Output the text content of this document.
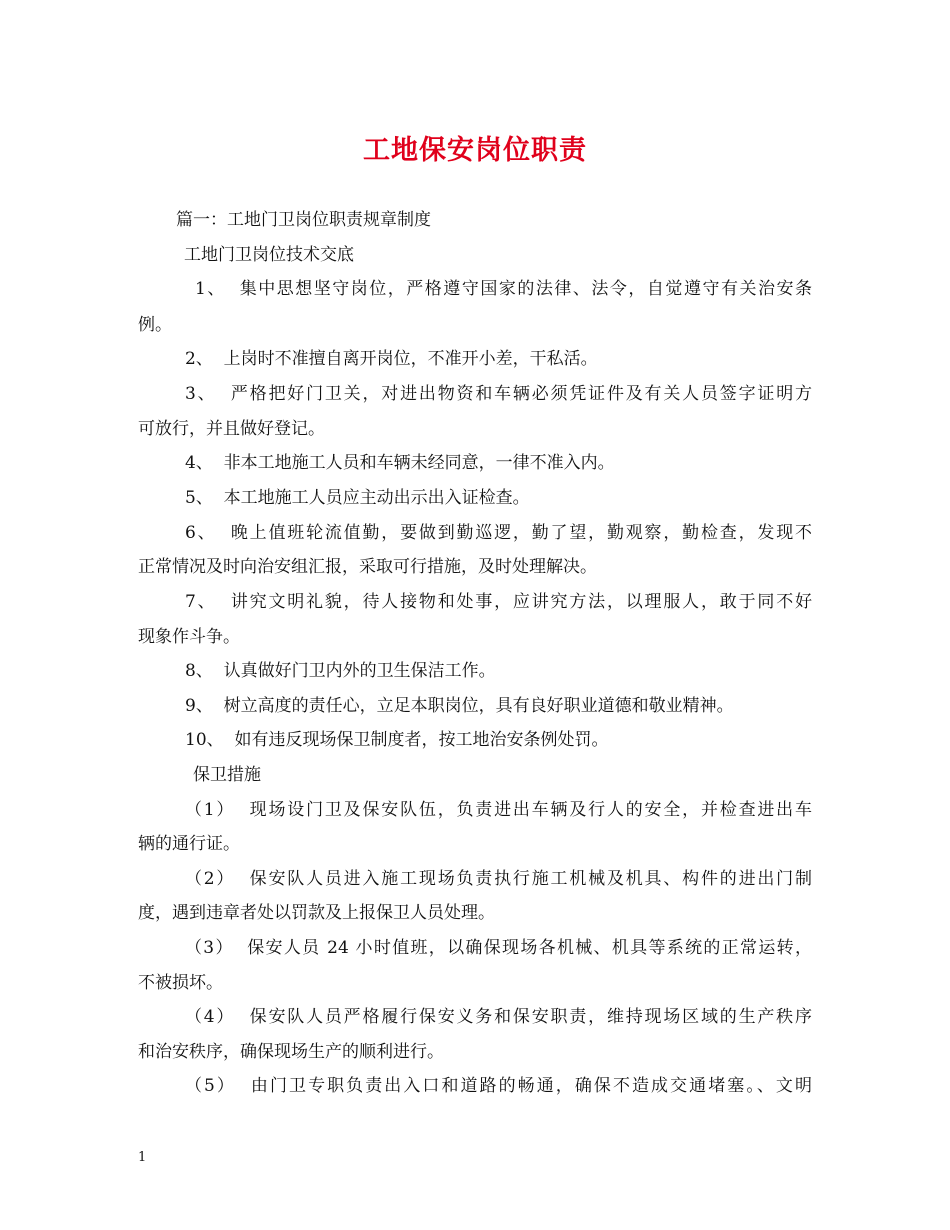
工地保安岗位职责
篇一：工地门卫岗位职责规章制度
工地门卫岗位技术交底
1、 集中思想坚守岗位，严格遵守国家的法律、法令，自觉遵守有关治安条
例。
2、 上岗时不准擅自离开岗位，不准开小差，干私活。
3、 严格把好门卫关，对进出物资和车辆必须凭证件及有关人员签字证明方
可放行，并且做好登记。
4、 非本工地施工人员和车辆未经同意，一律不准入内。
5、 本工地施工人员应主动出示出入证检查。
6、 晚上值班轮流值勤，要做到勤巡逻，勤了望，勤观察，勤检查，发现不
正常情况及时向治安组汇报，采取可行措施，及时处理解决。
7、 讲究文明礼貌，待人接物和处事，应讲究方法，以理服人，敢于同不好
现象作斗争。
8、 认真做好门卫内外的卫生保洁工作。
9、 树立高度的责任心，立足本职岗位，具有良好职业道德和敬业精神。
10、 如有违反现场保卫制度者，按工地治安条例处罚。
保卫措施
（1） 现场设门卫及保安队伍，负责进出车辆及行人的安全，并检查进出车
辆的通行证。
（2） 保安队人员进入施工现场负责执行施工机械及机具、构件的进出门制
度，遇到违章者处以罚款及上报保卫人员处理。
（3） 保安人员 24 小时值班，以确保现场各机械、机具等系统的正常运转，
不被损坏。
（4） 保安队人员严格履行保安义务和保安职责，维持现场区域的生产秩序
和治安秩序，确保现场生产的顺利进行。
（5） 由门卫专职负责出入口和道路的畅通，确保不造成交通堵塞。、文明
1
